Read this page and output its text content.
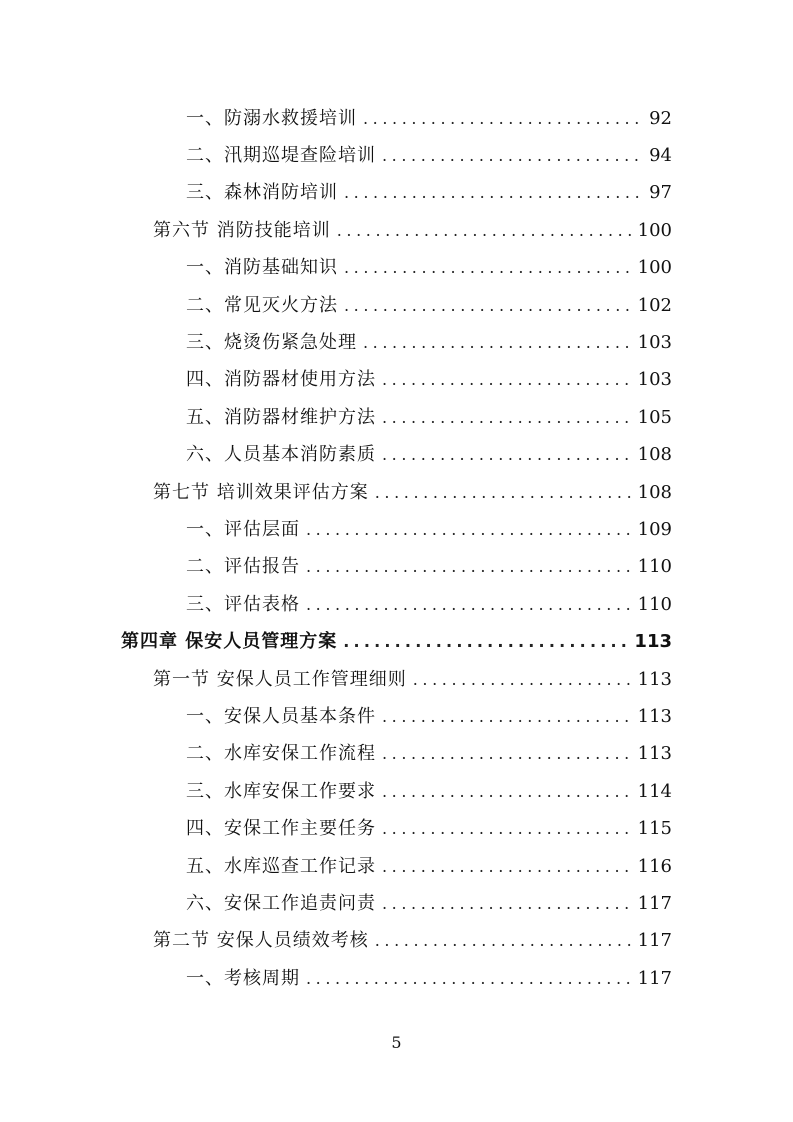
一、防溺水救援培训 .....	92
二、汛期巡堤查险培训 .....	94
三、森林消防培训 .....	97
第六节 消防技能培训 .....	100
一、消防基础知识 .....	100
二、常见灭火方法 .....	102
三、烧烫伤紧急处理 .....	103
四、消防器材使用方法 .....	103
五、消防器材维护方法 .....	105
六、人员基本消防素质 .....	108
第七节 培训效果评估方案 .....	108
一、评估层面 .....	109
二、评估报告 .....	110
三、评估表格 .....	110
第四章 保安人员管理方案 .....	113
第一节 安保人员工作管理细则 .....	113
一、安保人员基本条件 .....	113
二、水库安保工作流程 .....	113
三、水库安保工作要求 .....	114
四、安保工作主要任务 .....	115
五、水库巡查工作记录 .....	116
六、安保工作追责问责 .....	117
第二节 安保人员绩效考核 .....	117
一、考核周期 .....	117
5
